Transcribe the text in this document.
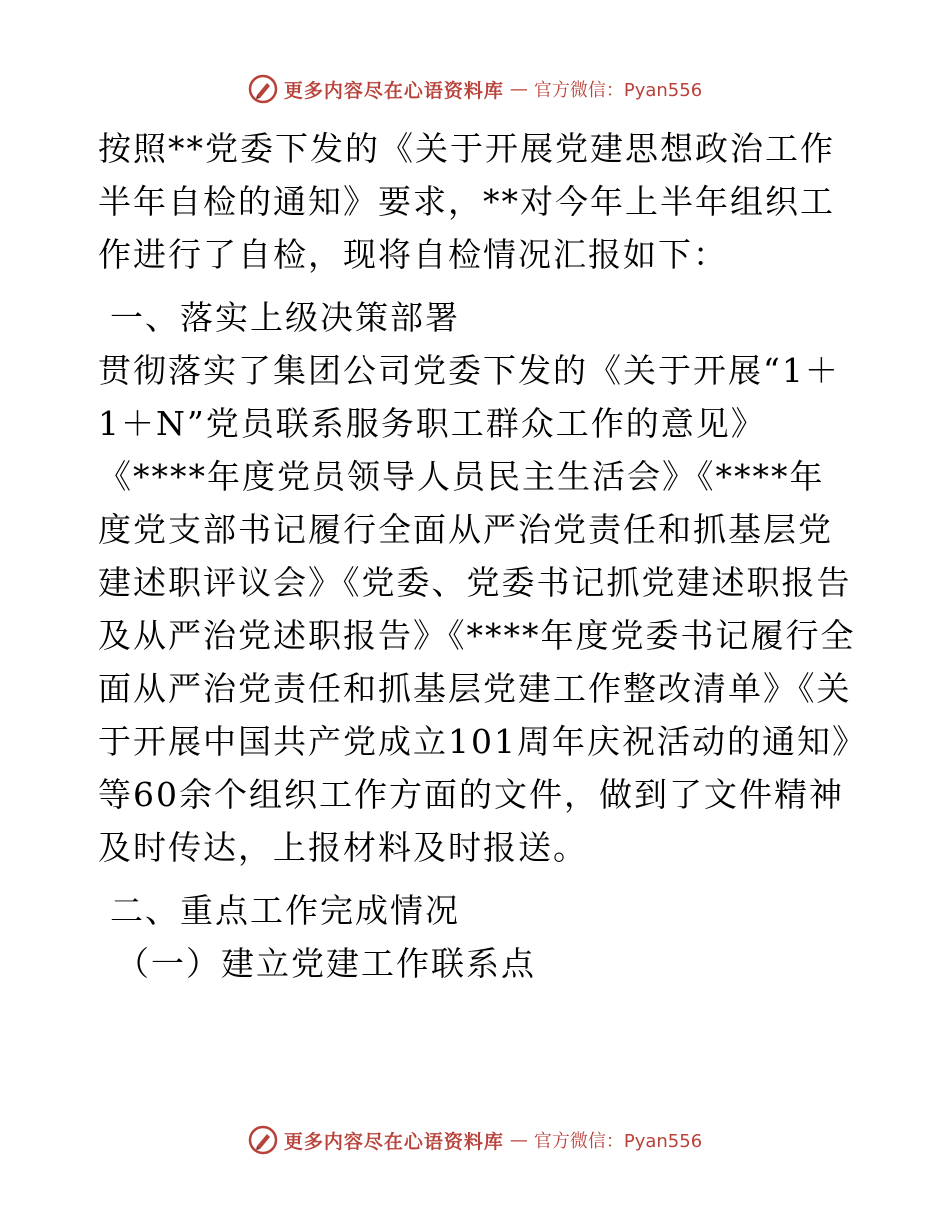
更多内容尽在心语资料库 — 官方微信：Pyan556

按照**党委下发的《关于开展党建思想政治工作半年自检的通知》要求，**对今年上半年组织工作进行了自检，现将自检情况汇报如下：

一、落实上级决策部署

贯彻落实了集团公司党委下发的《关于开展“1＋1＋N”党员联系服务职工群众工作的意见》《****年度党员领导人员民主生活会》《****年度党支部书记履行全面从严治党责任和抓基层党建述职评议会》《党委、党委书记抓党建述职报告及从严治党述职报告》《****年度党委书记履行全面从严治党责任和抓基层党建工作整改清单》《关于开展中国共产党成立101周年庆祝活动的通知》等60余个组织工作方面的文件，做到了文件精神及时传达，上报材料及时报送。

二、重点工作完成情况

（一）建立党建工作联系点

更多内容尽在心语资料库 — 官方微信：Pyan556
